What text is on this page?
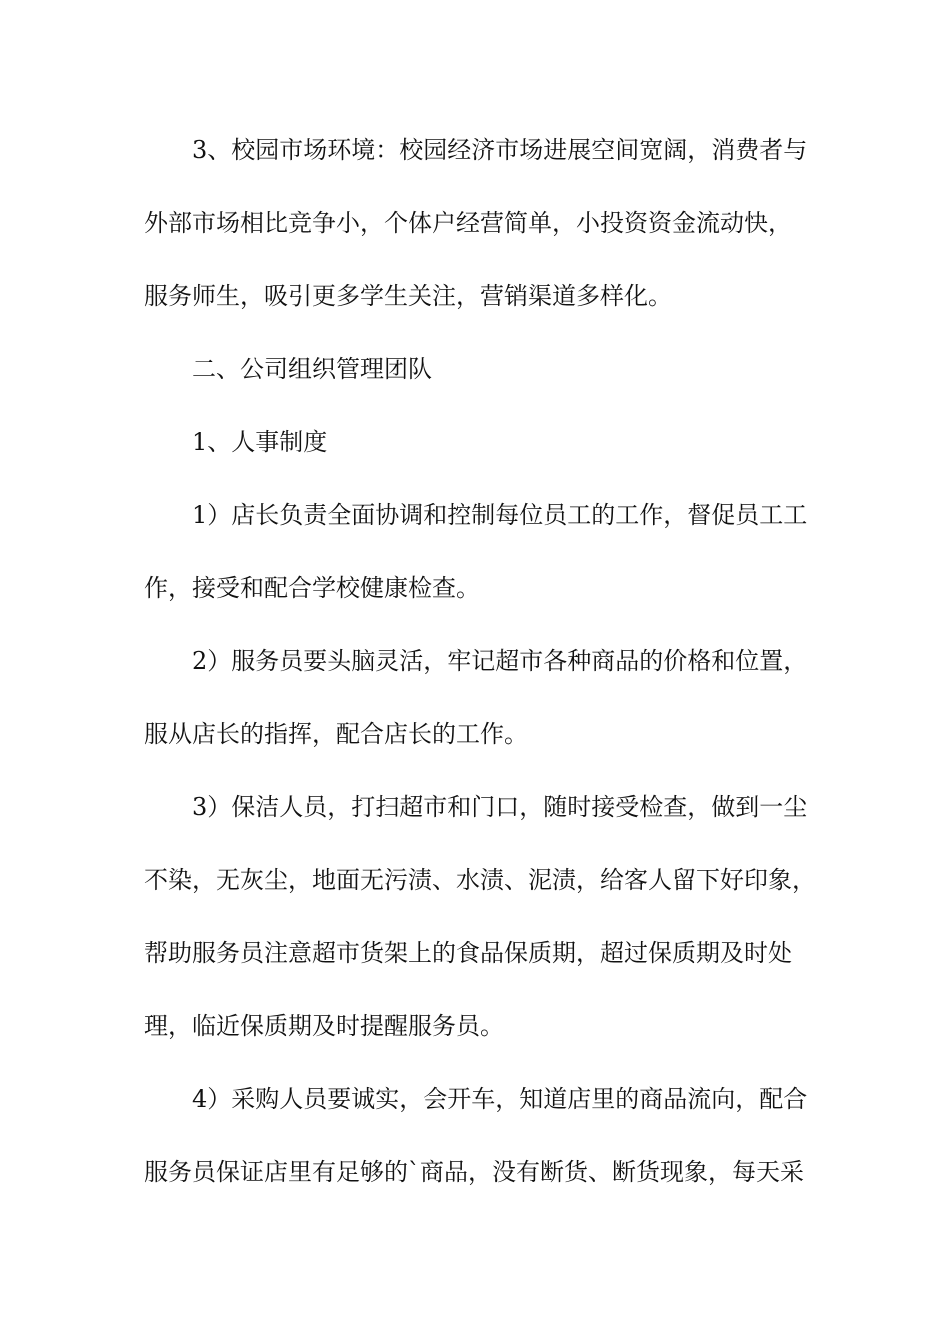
3、校园市场环境：校园经济市场进展空间宽阔，消费者与
外部市场相比竞争小，个体户经营简单，小投资资金流动快，
服务师生，吸引更多学生关注，营销渠道多样化。
二、公司组织管理团队
1、人事制度
1）店长负责全面协调和控制每位员工的工作，督促员工工
作，接受和配合学校健康检查。
2）服务员要头脑灵活，牢记超市各种商品的价格和位置，
服从店长的指挥，配合店长的工作。
3）保洁人员，打扫超市和门口，随时接受检查，做到一尘
不染，无灰尘，地面无污渍、水渍、泥渍，给客人留下好印象，
帮助服务员注意超市货架上的食品保质期，超过保质期及时处
理，临近保质期及时提醒服务员。
4）采购人员要诚实，会开车，知道店里的商品流向，配合
服务员保证店里有足够的`商品，没有断货、断货现象，每天采
